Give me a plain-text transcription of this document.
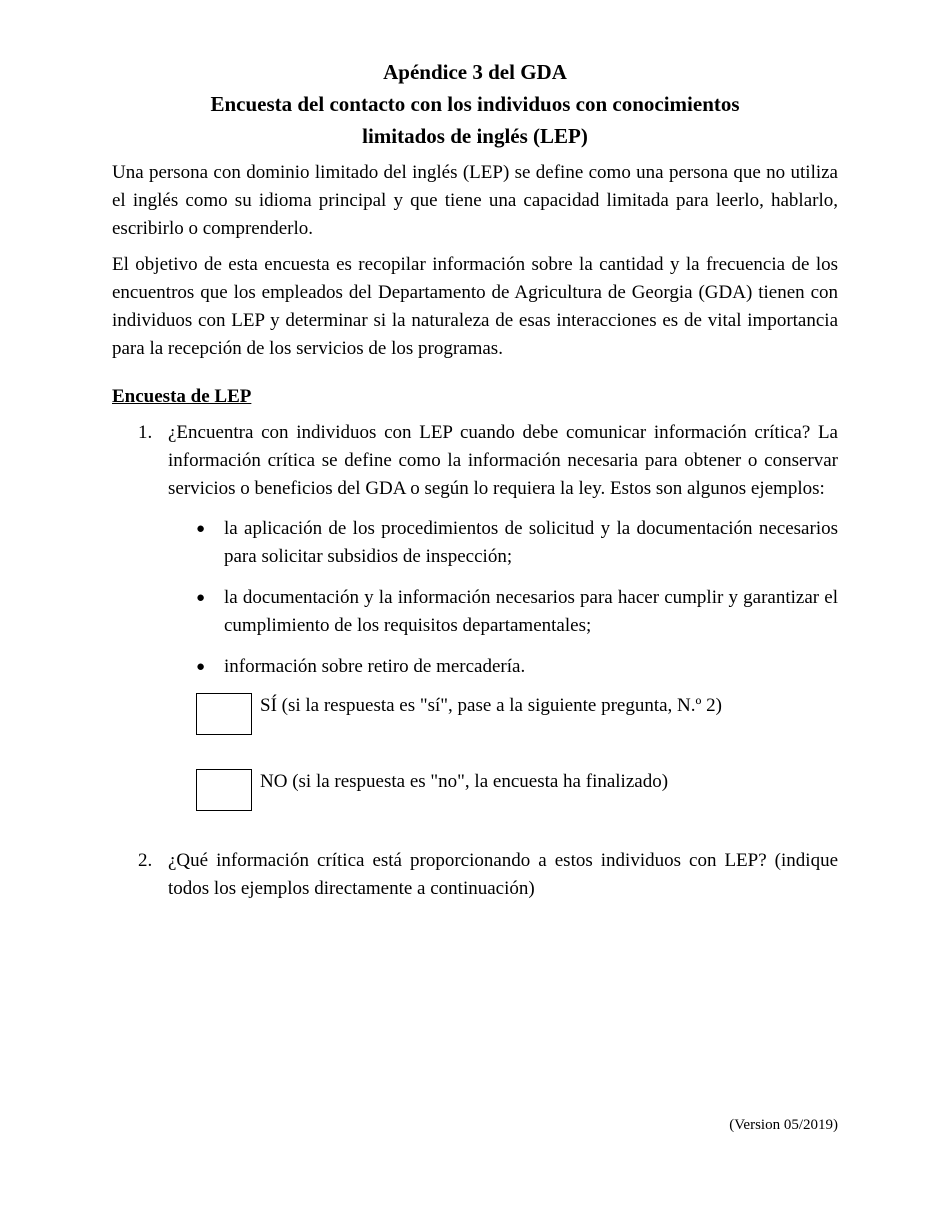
Apéndice 3 del GDA
Encuesta del contacto con los individuos con conocimientos
limitados de inglés (LEP)

Una persona con dominio limitado del inglés (LEP) se define como una persona que no utiliza el inglés como su idioma principal y que tiene una capacidad limitada para leerlo, hablarlo, escribirlo o comprenderlo.

El objetivo de esta encuesta es recopilar información sobre la cantidad y la frecuencia de los encuentros que los empleados del Departamento de Agricultura de Georgia (GDA) tienen con individuos con LEP y determinar si la naturaleza de esas interacciones es de vital importancia para la recepción de los servicios de los programas.

Encuesta de LEP
1. ¿Encuentra con individuos con LEP cuando debe comunicar información crítica? La información crítica se define como la información necesaria para obtener o conservar servicios o beneficios del GDA o según lo requiera la ley. Estos son algunos ejemplos:
● la aplicación de los procedimientos de solicitud y la documentación necesarios para solicitar subsidios de inspección;
● la documentación y la información necesarios para hacer cumplir y garantizar el cumplimiento de los requisitos departamentales;
● información sobre retiro de mercadería.
SÍ (si la respuesta es "sí", pase a la siguiente pregunta, N.º 2)
NO (si la respuesta es "no", la encuesta ha finalizado)
2. ¿Qué información crítica está proporcionando a estos individuos con LEP? (indique todos los ejemplos directamente a continuación)
(Version 05/2019)
